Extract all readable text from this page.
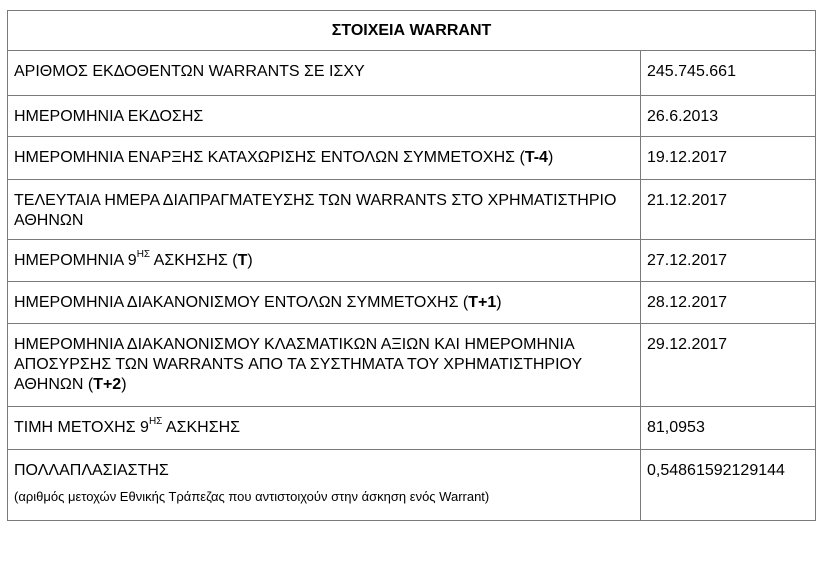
ΣΤΟΙΧΕΙΑ WARRANT	
ΑΡΙΘΜΟΣ ΕΚΔΟΘΕΝΤΩΝ WARRANTS ΣΕ ΙΣΧΥ	245.745.661
ΗΜΕΡΟΜΗΝΙΑ ΕΚΔΟΣΗΣ	26.6.2013
ΗΜΕΡΟΜΗΝΙΑ ΕΝΑΡΞΗΣ ΚΑΤΑΧΩΡΙΣΗΣ ΕΝΤΟΛΩΝ ΣΥΜΜΕΤΟΧΗΣ (T-4)	19.12.2017
ΤΕΛΕΥΤΑΙΑ ΗΜΕΡΑ ΔΙΑΠΡΑΓΜΑΤΕΥΣΗΣ ΤΩΝ WARRANTS ΣΤΟ ΧΡΗΜΑΤΙΣΤΗΡΙΟ ΑΘΗΝΩΝ	21.12.2017
ΗΜΕΡΟΜΗΝΙΑ $9^{H\Sigma}$ ΑΣΚΗΣΗΣ (T)	27.12.2017
ΗΜΕΡΟΜΗΝΙΑ ΔΙΑΚΑΝΟΝΙΣΜΟΥ ΕΝΤΟΛΩΝ ΣΥΜΜΕΤΟΧΗΣ (T+1)	28.12.2017
ΗΜΕΡΟΜΗΝΙΑ ΔΙΑΚΑΝΟΝΙΣΜΟΥ ΚΛΑΣΜΑΤΙΚΩΝ ΑΞΙΩΝ ΚΑΙ ΗΜΕΡΟΜΗΝΙΑ ΑΠΟΣΥΡΣΗΣ ΤΩΝ WARRANTS ΑΠΟ ΤΑ ΣΥΣΤΗΜΑΤΑ ΤΟΥ ΧΡΗΜΑΤΙΣΤΗΡΙΟΥ ΑΘΗΝΩΝ (T+2)	29.12.2017
ΤΙΜΗ ΜΕΤΟΧΗΣ $9^{H\Sigma}$ ΑΣΚΗΣΗΣ	81,0953
ΠΟΛΛΑΠΛΑΣΙΑΣΤΗΣ
(αριθμός μετοχών Εθνικής Τράπεζας που αντιστοιχούν στην άσκηση ενός Warrant)	0,54861592129144
